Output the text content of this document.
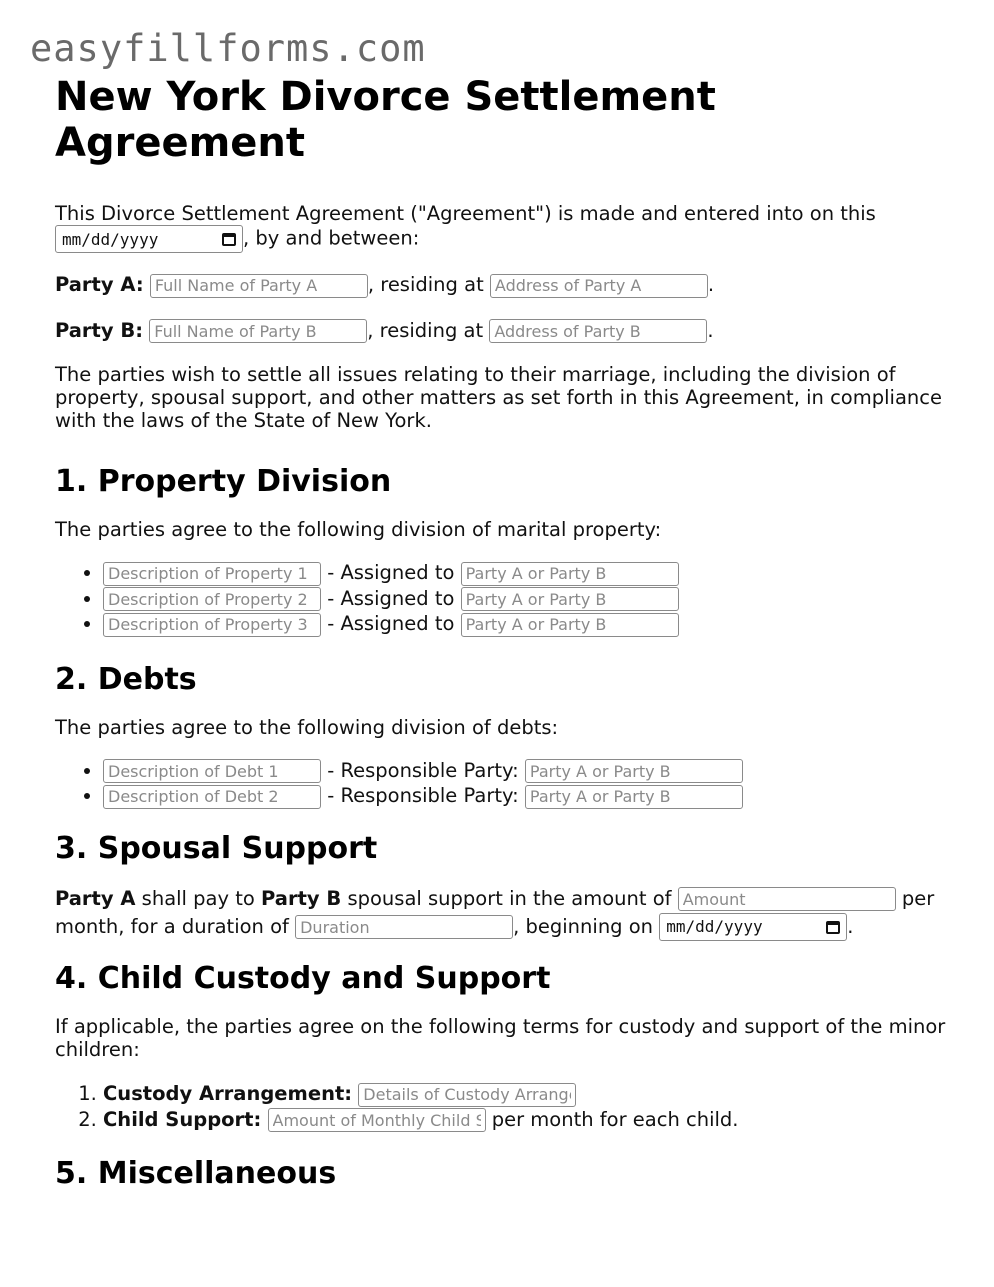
easyfillforms.com
New York Divorce Settlement Agreement

This Divorce Settlement Agreement ("Agreement") is made and entered into on this

mm/dd/yyyy	, by and between:

Party A: Full Name of Party A	, residing at Address of Party A	.

Party B: Full Name of Party B	, residing at Address of Party B	.

The parties wish to settle all issues relating to their marriage, including the division of property, spousal support, and other matters as set forth in this Agreement, in compliance with the laws of the State of New York.

1. Property Division

The parties agree to the following division of marital property:

Description of Property 1 • - Assigned to Party A or Party B
Description of Property 2 • - Assigned to Party A or Party B
Description of Property 3 • - Assigned to Party A or Party B
2. Debts

The parties agree to the following division of debts:

Description of Debt 1 • - Responsible Party: Party A or Party B
Description of Debt 2 • - Responsible Party: Party A or Party B
3. Spousal Support

Party A shall pay to Party B spousal support in the amount of Amount	per
month, for a duration of Duration	, beginning on mm/dd/yyyy	.

4. Child Custody and Support

If applicable, the parties agree on the following terms for custody and support of the minor children:

1. Custody Arrangement: Details of Custody Arrangement
2. Child Support: Amount of Monthly Child Support	per month for each child.
5. Miscellaneous
